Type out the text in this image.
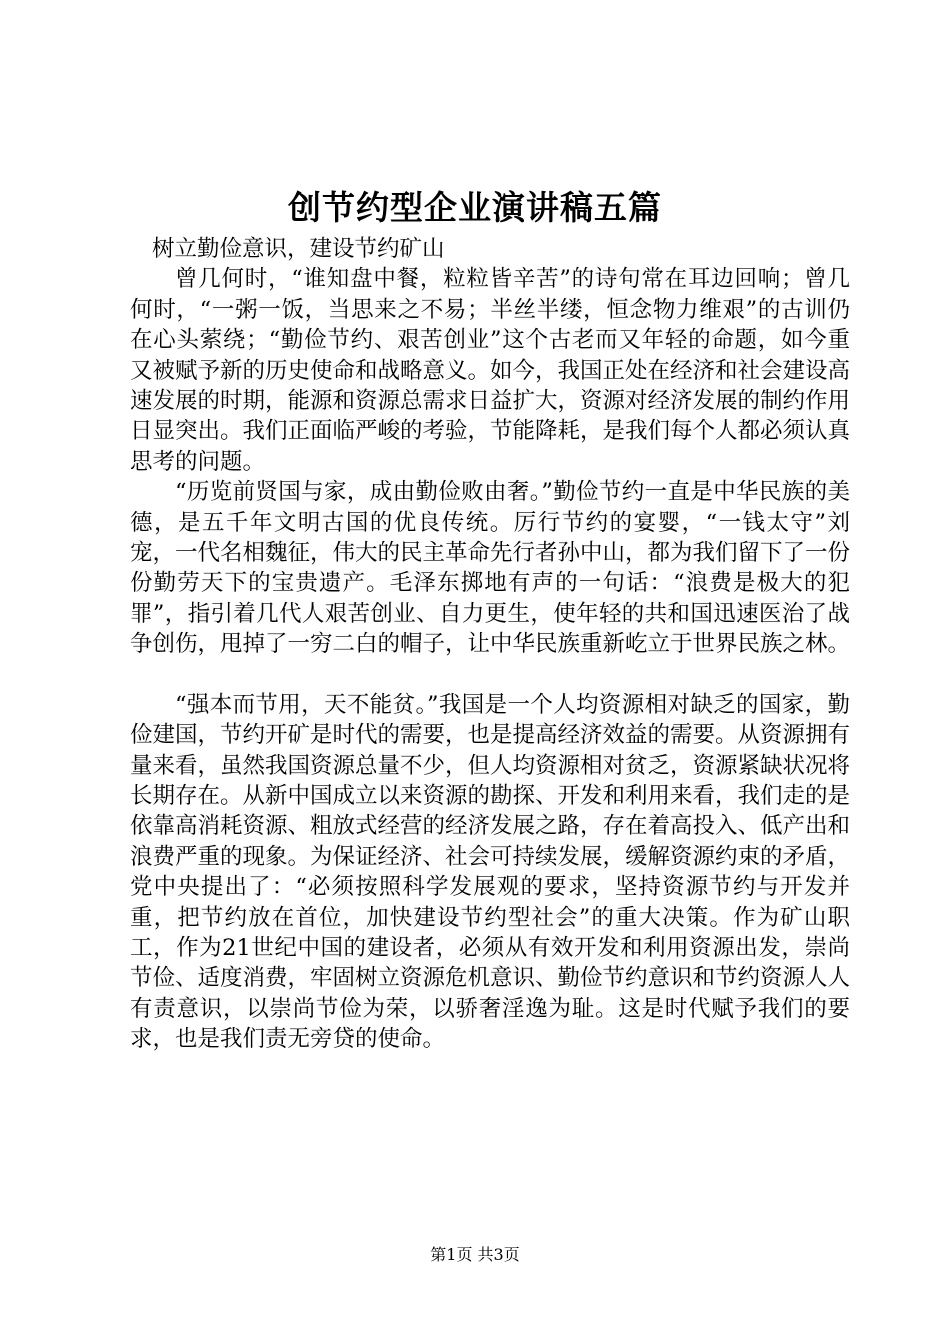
创节约型企业演讲稿五篇

树立勤俭意识，建设节约矿山

曾几何时，“谁知盘中餐，粒粒皆辛苦”的诗句常在耳边回响；曾几何时，“一粥一饭，当思来之不易；半丝半缕，恒念物力维艰”的古训仍在心头萦绕；“勤俭节约、艰苦创业”这个古老而又年轻的命题，如今重又被赋予新的历史使命和战略意义。如今，我国正处在经济和社会建设高速发展的时期，能源和资源总需求日益扩大，资源对经济发展的制约作用日显突出。我们正面临严峻的考验，节能降耗，是我们每个人都必须认真思考的问题。

“历览前贤国与家，成由勤俭败由奢。”勤俭节约一直是中华民族的美德，是五千年文明古国的优良传统。厉行节约的宴婴，“一钱太守”刘宠，一代名相魏征，伟大的民主革命先行者孙中山，都为我们留下了一份份勤劳天下的宝贵遗产。毛泽东掷地有声的一句话：“浪费是极大的犯罪”，指引着几代人艰苦创业、自力更生，使年轻的共和国迅速医治了战争创伤，甩掉了一穷二白的帽子，让中华民族重新屹立于世界民族之林。

“强本而节用，天不能贫。”我国是一个人均资源相对缺乏的国家，勤俭建国，节约开矿是时代的需要，也是提高经济效益的需要。从资源拥有量来看，虽然我国资源总量不少，但人均资源相对贫乏，资源紧缺状况将长期存在。从新中国成立以来资源的勘探、开发和利用来看，我们走的是依靠高消耗资源、粗放式经营的经济发展之路，存在着高投入、低产出和浪费严重的现象。为保证经济、社会可持续发展，缓解资源约束的矛盾，党中央提出了：“必须按照科学发展观的要求，坚持资源节约与开发并重，把节约放在首位，加快建设节约型社会”的重大决策。作为矿山职工，作为21世纪中国的建设者，必须从有效开发和利用资源出发，崇尚节俭、适度消费，牢固树立资源危机意识、勤俭节约意识和节约资源人人有责意识，以崇尚节俭为荣，以骄奢淫逸为耻。这是时代赋予我们的要求，也是我们责无旁贷的使命。

第1页 共3页
